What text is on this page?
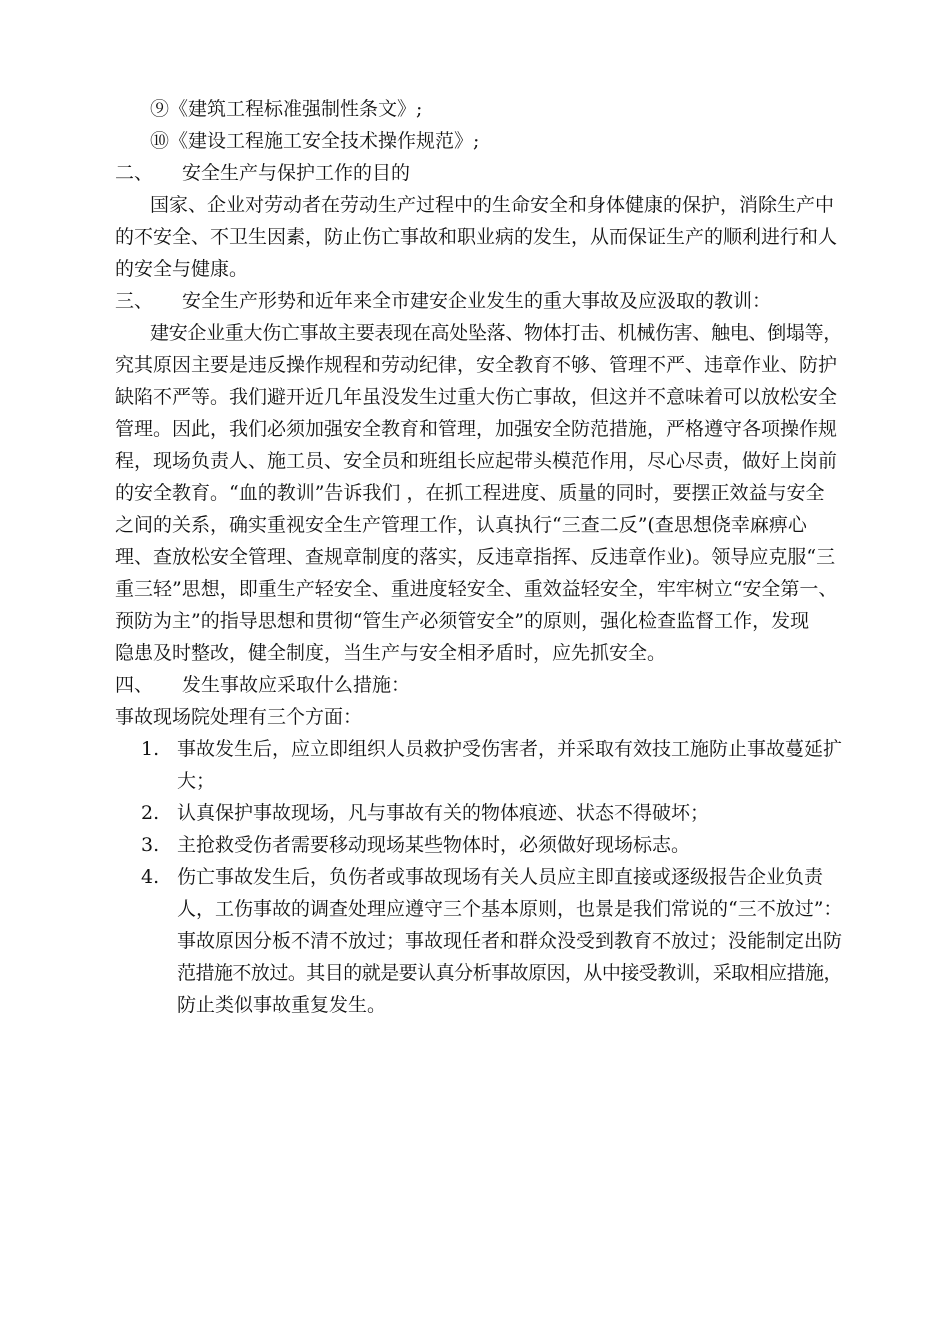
⑨《建筑工程标准强制性条文》;
⑩《建设工程施工安全技术操作规范》;
二、 安全生产与保护工作的目的
国家、企业对劳动者在劳动生产过程中的生命安全和身体健康的保护，消除生产中
的不安全、不卫生因素，防止伤亡事故和职业病的发生，从而保证生产的顺利进行和人
的安全与健康。
三、 安全生产形势和近年来全市建安企业发生的重大事故及应汲取的教训：
建安企业重大伤亡事故主要表现在高处坠落、物体打击、机械伤害、触电、倒塌等，
究其原因主要是违反操作规程和劳动纪律，安全教育不够、管理不严、违章作业、防护
缺陷不严等。我们避开近几年虽没发生过重大伤亡事故，但这并不意味着可以放松安全
管理。因此，我们必须加强安全教育和管理，加强安全防范措施，严格遵守各项操作规
程，现场负责人、施工员、安全员和班组长应起带头模范作用，尽心尽责，做好上岗前
的安全教育。“血的教训”告诉我们 ，在抓工程进度、质量的同时，要摆正效益与安全
之间的关系，确实重视安全生产管理工作，认真执行“三查二反”(查思想侥幸麻痹心
理、查放松安全管理、查规章制度的落实，反违章指挥、反违章作业)。领导应克服“三
重三轻”思想，即重生产轻安全、重进度轻安全、重效益轻安全，牢牢树立“安全第一、
预防为主”的指导思想和贯彻“管生产必须管安全”的原则，强化检查监督工作，发现
隐患及时整改，健全制度，当生产与安全相矛盾时，应先抓安全。
四、 发生事故应采取什么措施：
事故现场院处理有三个方面：
1. 事故发生后，应立即组织人员救护受伤害者，并采取有效技工施防止事故蔓延扩
大；
2. 认真保护事故现场，凡与事故有关的物体痕迹、状态不得破坏；
3. 主抢救受伤者需要移动现场某些物体时，必须做好现场标志。
4. 伤亡事故发生后，负伤者或事故现场有关人员应主即直接或逐级报告企业负责
人，工伤事故的调查处理应遵守三个基本原则，也景是我们常说的“三不放过”：
事故原因分板不清不放过；事故现任者和群众没受到教育不放过；没能制定出防
范措施不放过。其目的就是要认真分析事故原因，从中接受教训，采取相应措施，
防止类似事故重复发生。
